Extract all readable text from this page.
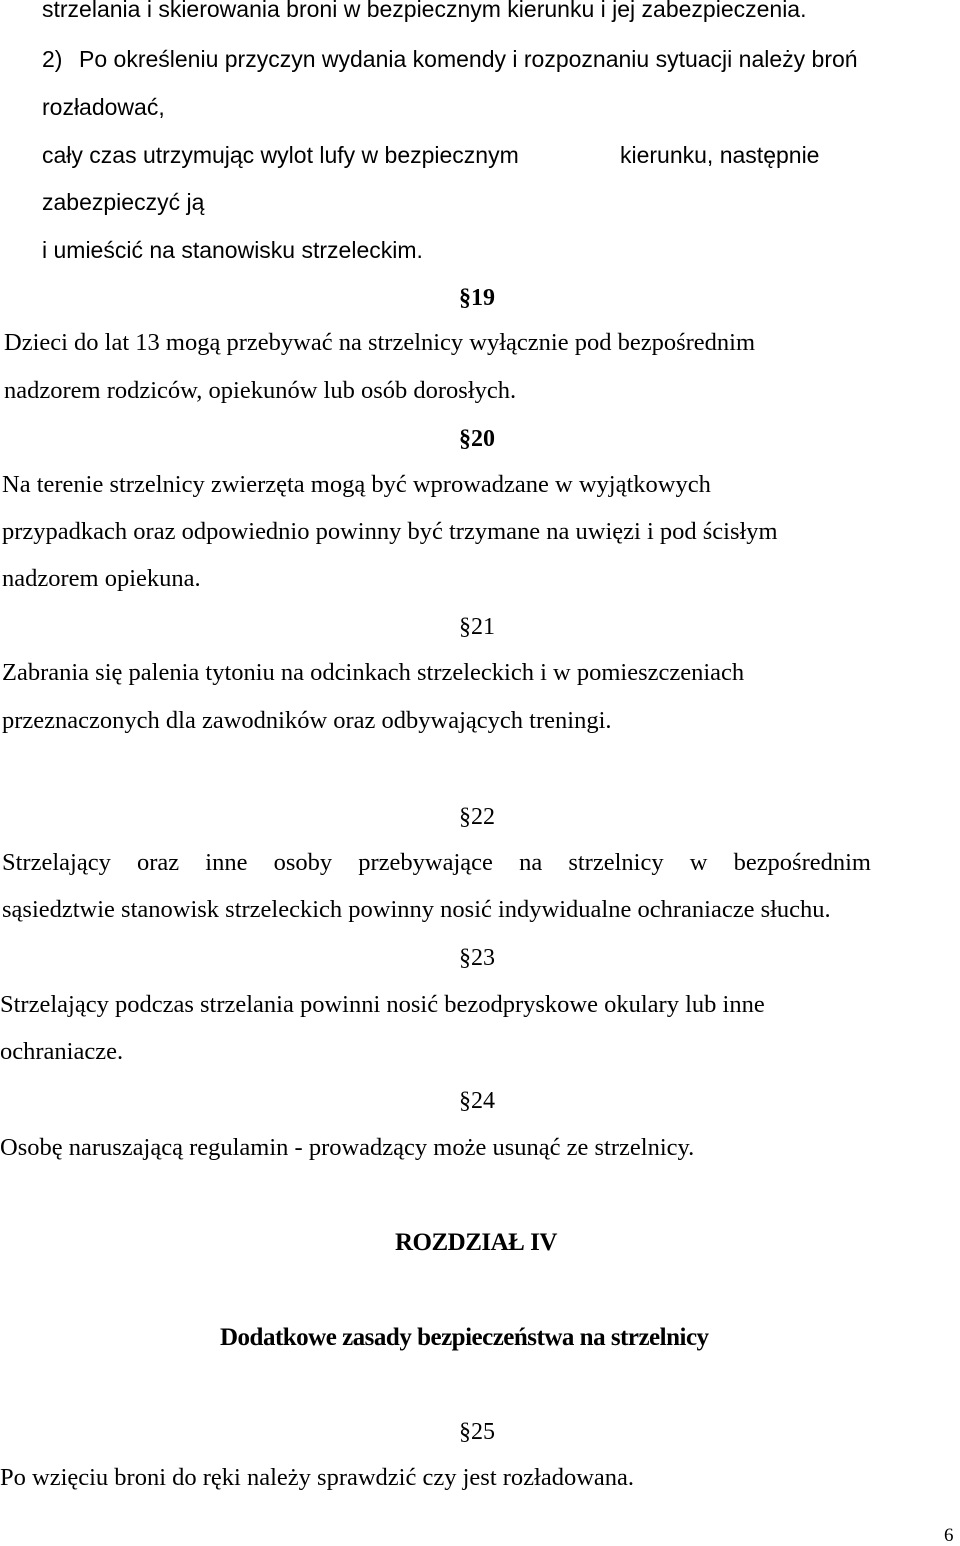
strzelania i skierowania broni w bezpiecznym kierunku i jej zabezpieczenia.

2) Po określeniu przyczyn wydania komendy i rozpoznaniu sytuacji należy broń

rozładować,

cały czas utrzymując wylot lufy w bezpiecznym	kierunku, następnie

zabezpieczyć ją

i umieścić na stanowisku strzeleckim.

§19

Dzieci do lat 13 mogą przebywać na strzelnicy wyłącznie pod bezpośrednim

nadzorem rodziców, opiekunów lub osób dorosłych.

§20

Na terenie strzelnicy zwierzęta mogą być wprowadzane w wyjątkowych

przypadkach oraz odpowiednio powinny być trzymane na uwięzi i pod ścisłym

nadzorem opiekuna.

§21

Zabrania się palenia tytoniu na odcinkach strzeleckich i w pomieszczeniach

przeznaczonych dla zawodników oraz odbywających treningi.

§22

Strzelający oraz inne osoby przebywające na strzelnicy w bezpośrednim

sąsiedztwie stanowisk strzeleckich powinny nosić indywidualne ochraniacze słuchu.

§23

Strzelający podczas strzelania powinni nosić bezodpryskowe okulary lub inne

ochraniacze.

§24

Osobę naruszającą regulamin - prowadzący może usunąć ze strzelnicy.

ROZDZIAŁ IV
Dodatkowe zasady bezpieczeństwa na strzelnicy
§25

Po wzięciu broni do ręki należy sprawdzić czy jest rozładowana.

6
